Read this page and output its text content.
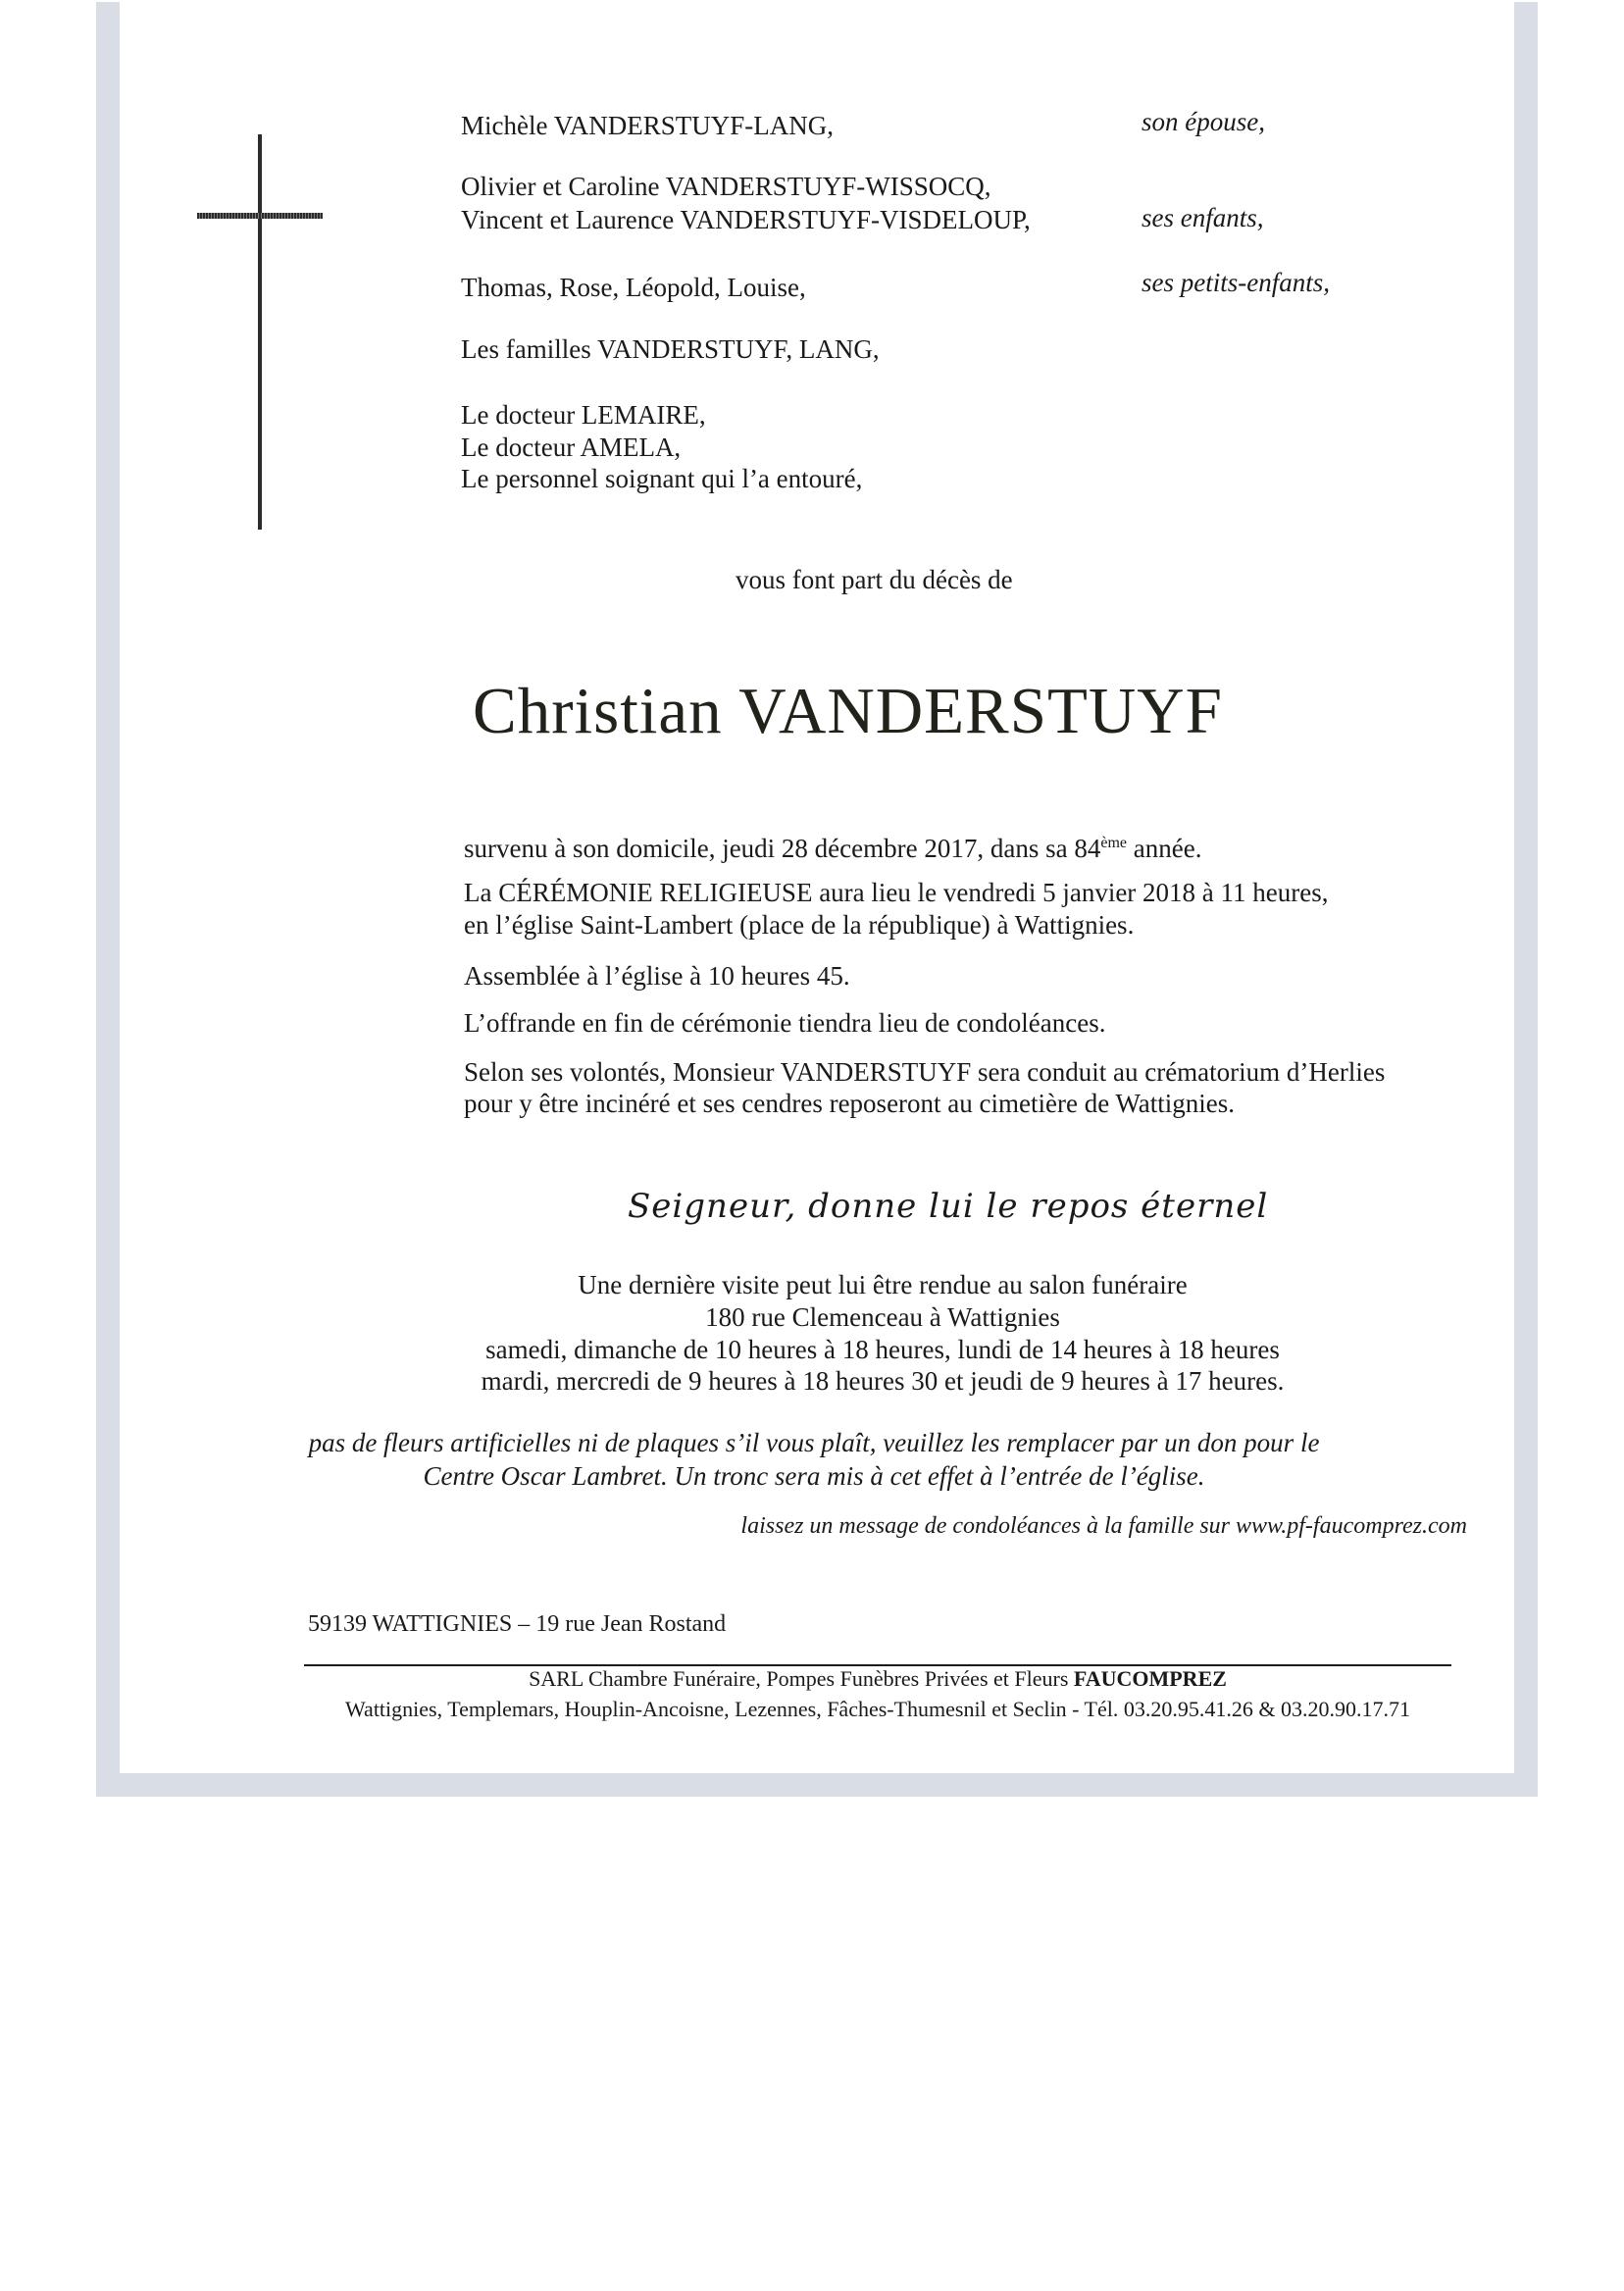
Michèle VANDERSTUYF-LANG,	son épouse,
Olivier et Caroline VANDERSTUYF-WISSOCQ,
Vincent et Laurence VANDERSTUYF-VISDELOUP,	ses enfants,
Thomas, Rose, Léopold, Louise,	ses petits-enfants,
Les familles VANDERSTUYF, LANG,
Le docteur LEMAIRE,
Le docteur AMELA,
Le personnel soignant qui l’a entouré,
vous font part du décès de
Christian VANDERSTUYF
survenu à son domicile, jeudi 28 décembre 2017, dans sa 84ème année.
La CÉRÉMONIE RELIGIEUSE aura lieu le vendredi 5 janvier 2018 à 11 heures,
en l’église Saint-Lambert (place de la république) à Wattignies.
Assemblée à l’église à 10 heures 45.
L’offrande en fin de cérémonie tiendra lieu de condoléances.
Selon ses volontés, Monsieur VANDERSTUYF sera conduit au crématorium d’Herlies
pour y être incinéré et ses cendres reposeront au cimetière de Wattignies.
Seigneur, donne lui le repos éternel
Une dernière visite peut lui être rendue au salon funéraire
180 rue Clemenceau à Wattignies
samedi, dimanche de 10 heures à 18 heures, lundi de 14 heures à 18 heures
mardi, mercredi de 9 heures à 18 heures 30 et jeudi de 9 heures à 17 heures.
pas de fleurs artificielles ni de plaques s’il vous plaît, veuillez les remplacer par un don pour le
Centre Oscar Lambret. Un tronc sera mis à cet effet à l’entrée de l’église.
laissez un message de condoléances à la famille sur www.pf-faucomprez.com
59139 WATTIGNIES – 19 rue Jean Rostand
SARL Chambre Funéraire, Pompes Funèbres Privées et Fleurs FAUCOMPREZ
Wattignies, Templemars, Houplin-Ancoisne, Lezennes, Fâches-Thumesnil et Seclin - Tél. 03.20.95.41.26 & 03.20.90.17.71
